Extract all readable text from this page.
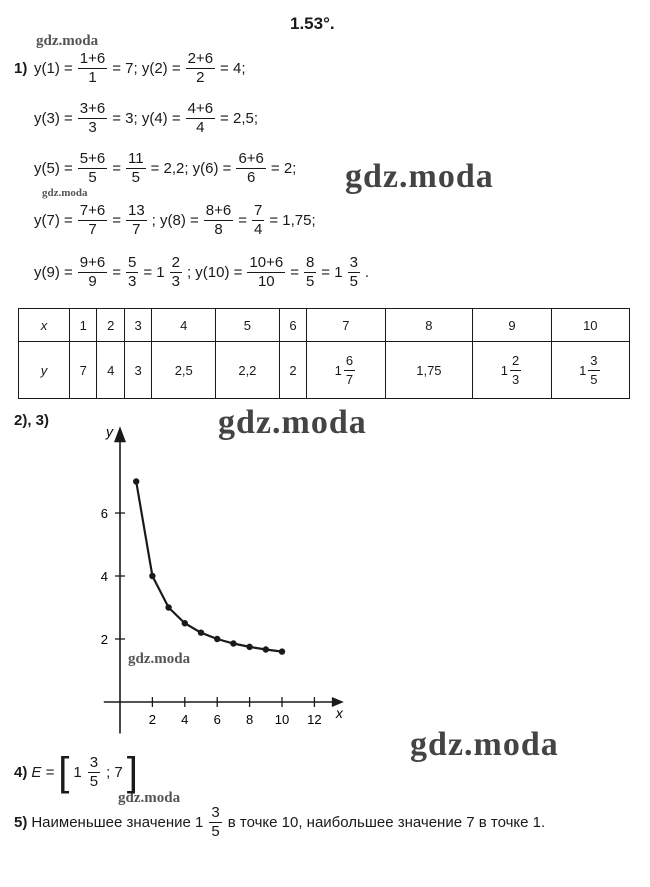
1.53°.
gdz.moda
gdz.moda
gdz.moda
gdz.moda
gdz.moda
gdz.moda
gdz.moda
1) $y(1) = \frac{1+6}{1} = 7$; $y(2) = \frac{2+6}{2} = 4$;
$y(3) = \frac{3+6}{3} = 3$; $y(4) = \frac{4+6}{4} = 2,5$;
$y(5) = \frac{5+6}{5} = \frac{11}{5} = 2,2$; $y(6) = \frac{6+6}{6} = 2$;
$y(7) = \frac{7+6}{7} = \frac{13}{7}$ ; $y(8) = \frac{8+6}{8} = \frac{7}{4} = 1,75$;
$y(9) = \frac{9+6}{9} = \frac{5}{3} = 1 \frac{2}{3}$ ; $y(10) = \frac{10+6}{10} = \frac{8}{5} = 1 \frac{3}{5}$ .
x	1	2	3	4	5	6	7	8	9	10
y	7	4	3	2,5	2,2	2	$1 \frac{6}{7}$	1,75	$1 \frac{2}{3}$	$1 \frac{3}{5}$
2), 3)
x
y
2 4 6 8 10 12
2
4
6
4) E = [ $1 \frac{3}{5}$ ; 7 ]
5) Наименьшее значение $1 \frac{3}{5}$ в точке 10, наибольшее значение 7 в точке 1.
